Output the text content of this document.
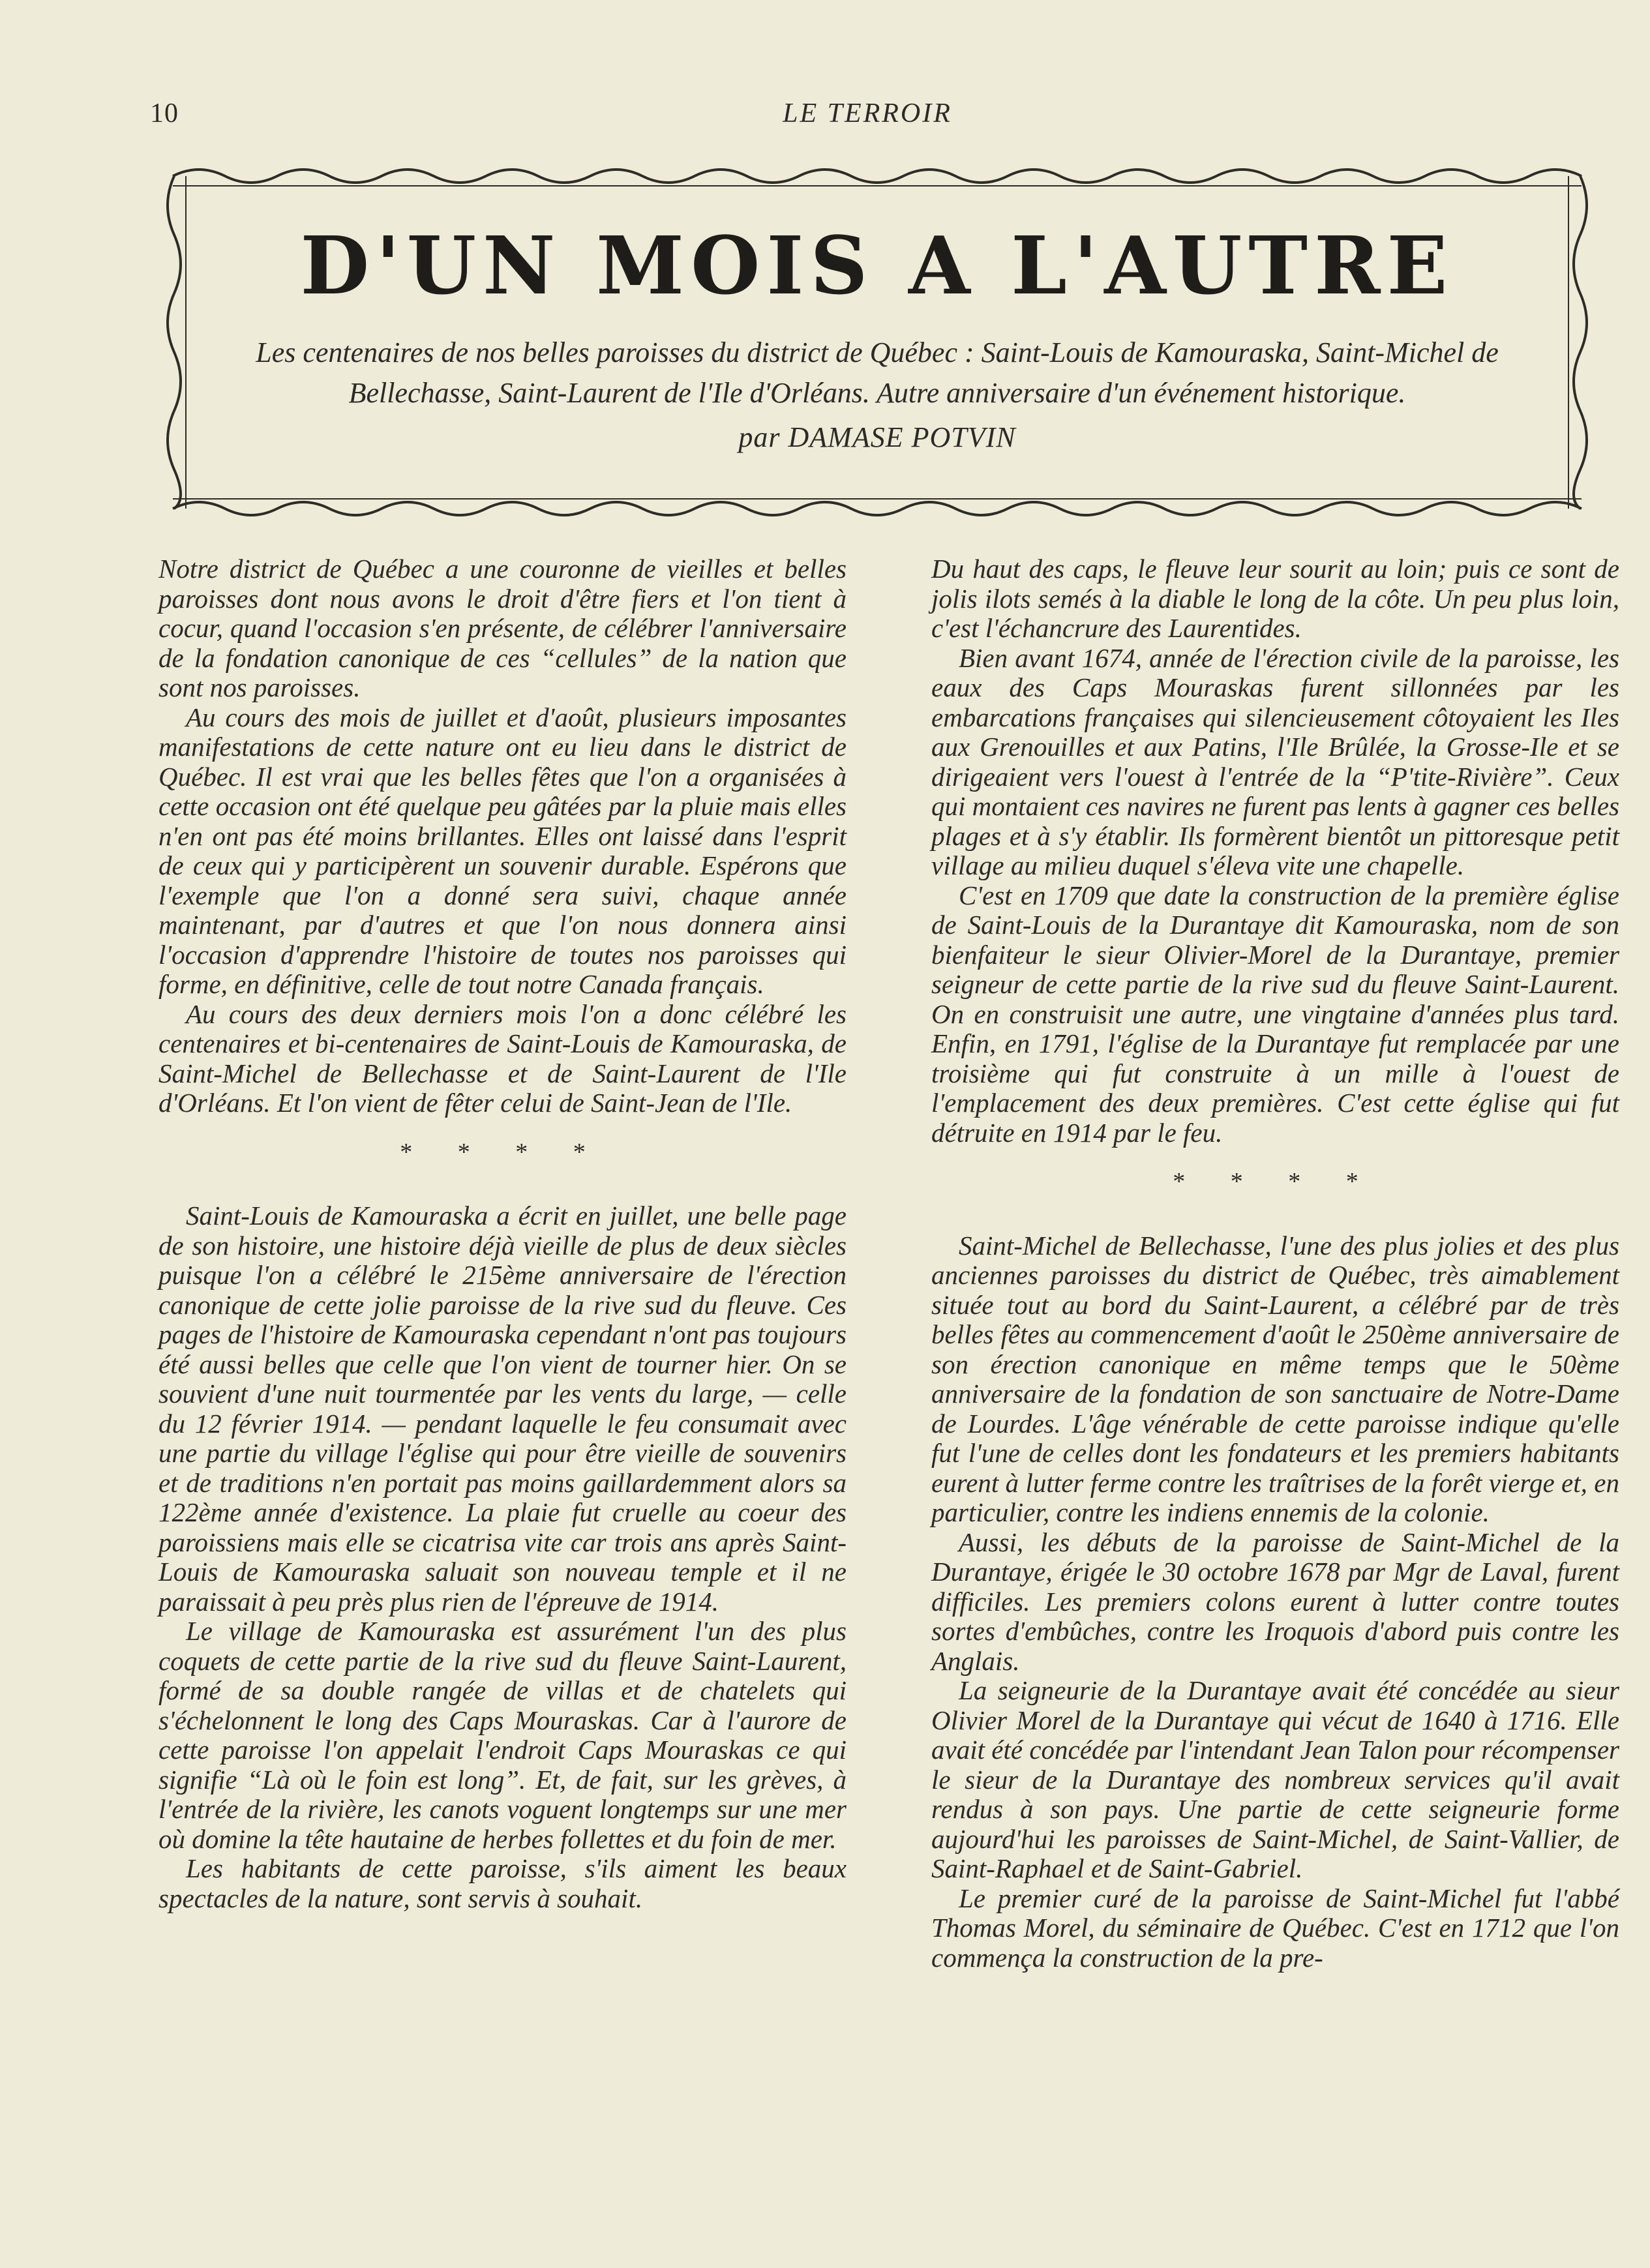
10	LE TERROIR
D'UN MOIS A L'AUTRE
Les centenaires de nos belles paroisses du district de Québec : Saint-Louis de Kamouraska, Saint-Michel de Bellechasse, Saint-Laurent de l'Ile d'Orléans. Autre anniversaire d'un événement historique.
par DAMASE POTVIN

Notre district de Québec a une couronne de vieilles et belles paroisses dont nous avons le droit d'être fiers et l'on tient à cocur, quand l'occasion s'en présente, de célébrer l'anniversaire de la fondation canonique de ces “cellules” de la nation que sont nos paroisses.

Au cours des mois de juillet et d'août, plusieurs imposantes manifestations de cette nature ont eu lieu dans le district de Québec. Il est vrai que les belles fêtes que l'on a organisées à cette occasion ont été quelque peu gâtées par la pluie mais elles n'en ont pas été moins brillantes. Elles ont laissé dans l'esprit de ceux qui y participèrent un souvenir durable. Espérons que l'exemple que l'on a donné sera suivi, chaque année maintenant, par d'autres et que l'on nous donnera ainsi l'occasion d'apprendre l'histoire de toutes nos paroisses qui forme, en définitive, celle de tout notre Canada français.

Au cours des deux derniers mois l'on a donc célébré les centenaires et bi-centenaires de Saint-Louis de Kamouraska, de Saint-Michel de Bellechasse et de Saint-Laurent de l'Ile d'Orléans. Et l'on vient de fêter celui de Saint-Jean de l'Ile.

* * * *

Saint-Louis de Kamouraska a écrit en juillet, une belle page de son histoire, une histoire déjà vieille de plus de deux siècles puisque l'on a célébré le 215ème anniversaire de l'érection canonique de cette jolie paroisse de la rive sud du fleuve. Ces pages de l'histoire de Kamouraska cependant n'ont pas toujours été aussi belles que celle que l'on vient de tourner hier. On se souvient d'une nuit tourmentée par les vents du large, — celle du 12 février 1914. — pendant laquelle le feu consumait avec une partie du village l'église qui pour être vieille de souvenirs et de traditions n'en portait pas moins gaillardemment alors sa 122ème année d'existence. La plaie fut cruelle au coeur des paroissiens mais elle se cicatrisa vite car trois ans après Saint-Louis de Kamouraska saluait son nouveau temple et il ne paraissait à peu près plus rien de l'épreuve de 1914.

Le village de Kamouraska est assurément l'un des plus coquets de cette partie de la rive sud du fleuve Saint-Laurent, formé de sa double rangée de villas et de chatelets qui s'échelonnent le long des Caps Mouraskas. Car à l'aurore de cette paroisse l'on appelait l'endroit Caps Mouraskas ce qui signifie “Là où le foin est long”. Et, de fait, sur les grèves, à l'entrée de la rivière, les canots voguent longtemps sur une mer où domine la tête hautaine de herbes follettes et du foin de mer.

Les habitants de cette paroisse, s'ils aiment les beaux spectacles de la nature, sont servis à souhait.

Du haut des caps, le fleuve leur sourit au loin; puis ce sont de jolis ilots semés à la diable le long de la côte. Un peu plus loin, c'est l'échancrure des Laurentides.

Bien avant 1674, année de l'érection civile de la paroisse, les eaux des Caps Mouraskas furent sillonnées par les embarcations françaises qui silencieusement côtoyaient les Iles aux Grenouilles et aux Patins, l'Ile Brûlée, la Grosse-Ile et se dirigeaient vers l'ouest à l'entrée de la “P'tite-Rivière”. Ceux qui montaient ces navires ne furent pas lents à gagner ces belles plages et à s'y établir. Ils formèrent bientôt un pittoresque petit village au milieu duquel s'éleva vite une chapelle.

C'est en 1709 que date la construction de la première église de Saint-Louis de la Durantaye dit Kamouraska, nom de son bienfaiteur le sieur Olivier-Morel de la Durantaye, premier seigneur de cette partie de la rive sud du fleuve Saint-Laurent. On en construisit une autre, une vingtaine d'années plus tard. Enfin, en 1791, l'église de la Durantaye fut remplacée par une troisième qui fut construite à un mille à l'ouest de l'emplacement des deux premières. C'est cette église qui fut détruite en 1914 par le feu.

* * * *

Saint-Michel de Bellechasse, l'une des plus jolies et des plus anciennes paroisses du district de Québec, très aimablement située tout au bord du Saint-Laurent, a célébré par de très belles fêtes au commencement d'août le 250ème anniversaire de son érection canonique en même temps que le 50ème anniversaire de la fondation de son sanctuaire de Notre-Dame de Lourdes. L'âge vénérable de cette paroisse indique qu'elle fut l'une de celles dont les fondateurs et les premiers habitants eurent à lutter ferme contre les traîtrises de la forêt vierge et, en particulier, contre les indiens ennemis de la colonie.

Aussi, les débuts de la paroisse de Saint-Michel de la Durantaye, érigée le 30 octobre 1678 par Mgr de Laval, furent difficiles. Les premiers colons eurent à lutter contre toutes sortes d'embûches, contre les Iroquois d'abord puis contre les Anglais.

La seigneurie de la Durantaye avait été concédée au sieur Olivier Morel de la Durantaye qui vécut de 1640 à 1716. Elle avait été concédée par l'intendant Jean Talon pour récompenser le sieur de la Durantaye des nombreux services qu'il avait rendus à son pays. Une partie de cette seigneurie forme aujourd'hui les paroisses de Saint-Michel, de Saint-Vallier, de Saint-Raphael et de Saint-Gabriel.

Le premier curé de la paroisse de Saint-Michel fut l'abbé Thomas Morel, du séminaire de Québec. C'est en 1712 que l'on commença la construction de la pre-
